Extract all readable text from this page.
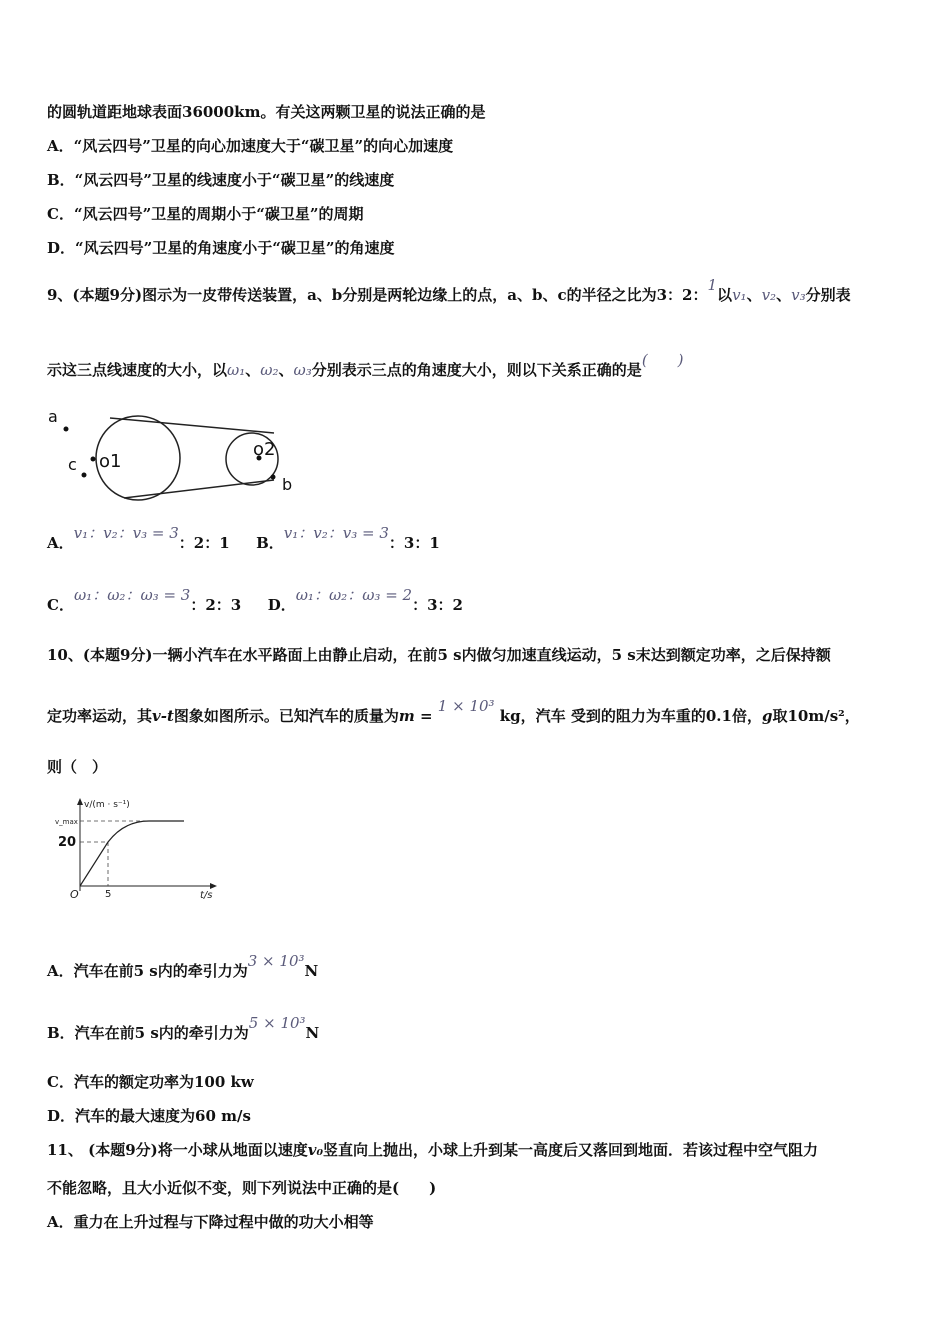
的圆轨道距地球表面36000km。有关这两颗卫星的说法正确的是
A．“风云四号”卫星的向心加速度大于“碳卫星”的向心加速度
B．“风云四号”卫星的线速度小于“碳卫星”的线速度
C．“风云四号”卫星的周期小于“碳卫星”的周期
D．“风云四号”卫星的角速度小于“碳卫星”的角速度
9、(本题9分)图示为一皮带传送装置，a、b分别是两轮边缘上的点，a、b、c的半径之比为3：2：1以v₁、v₂、v₃分别表
示这三点线速度的大小，以ω₁、ω₂、ω₃分别表示三点的角速度大小，则以下关系正确的是(　　)
a
c o1
o2
b
A．v₁：v₂：v₃ = 3：2：1 B．v₁：v₂：v₃ = 3：3：1
C．ω₁：ω₂：ω₃ = 3：2：3 D．ω₁：ω₂：ω₃ = 2：3：2
10、(本题9分)一辆小汽车在水平路面上由静止启动，在前5 s内做匀加速直线运动，5 s末达到额定功率，之后保持额
定功率运动，其v-t图象如图所示。已知汽车的质量为m = 1 × 10³ kg，汽车 受到的阻力为车重的0.1倍，g取10m/s²，
则（　）
v/(m · s⁻¹)
v_max
20
O	5	t/s
A．汽车在前5 s内的牵引力为3 × 10³N
B．汽车在前5 s内的牵引力为5 × 10³N
C．汽车的额定功率为100 kw
D．汽车的最大速度为60 m/s
11、 (本题9分)将一小球从地面以速度v₀竖直向上抛出，小球上升到某一高度后又落回到地面．若该过程中空气阻力
不能忽略，且大小近似不变，则下列说法中正确的是(　　)
A．重力在上升过程与下降过程中做的功大小相等
